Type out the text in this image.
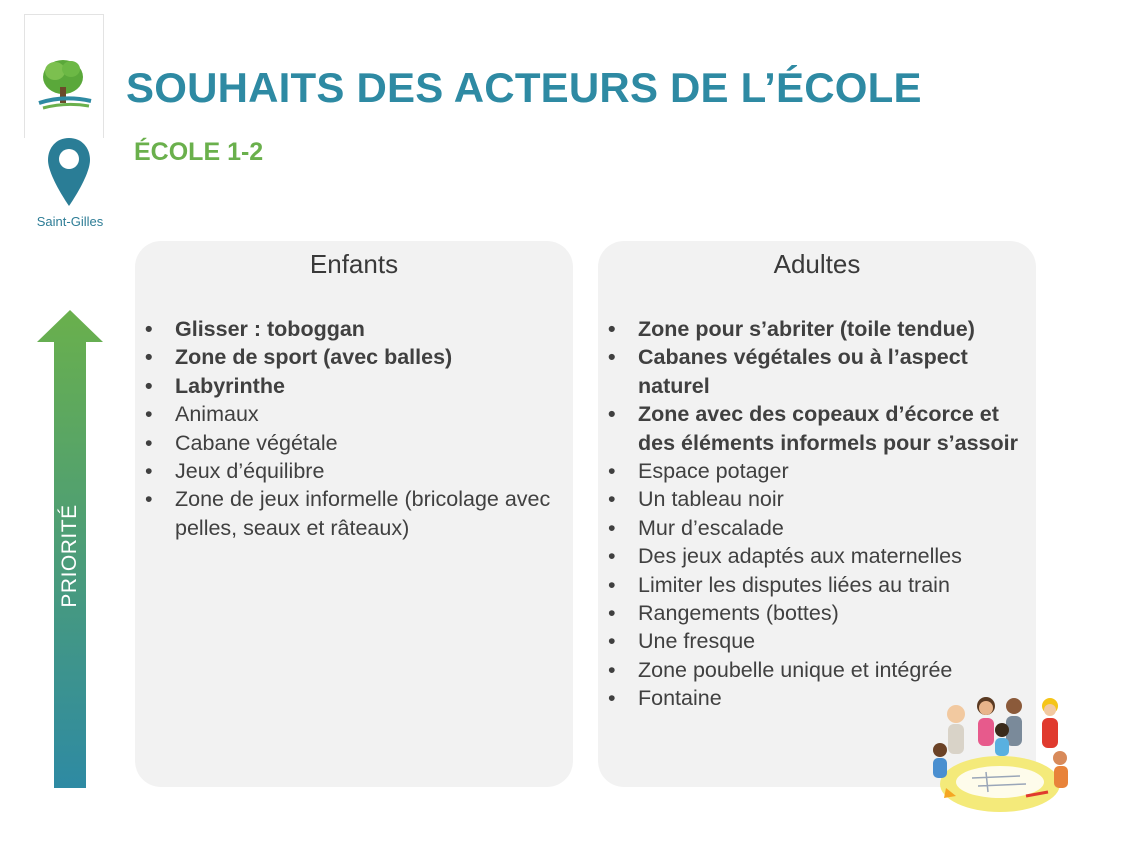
Saint-Gilles
SOUHAITS DES ACTEURS DE L’ÉCOLE
ÉCOLE 1-2
PRIORITÉ
Enfants
• Glisser : toboggan
• Zone de sport (avec balles)
• Labyrinthe
• Animaux
• Cabane végétale
• Jeux d’équilibre
• Zone de jeux informelle (bricolage avec pelles, seaux et râteaux)
Adultes
• Zone pour s’abriter (toile tendue)
• Cabanes végétales ou à l’aspect naturel
• Zone avec des copeaux d’écorce et des éléments informels pour s’assoir
• Espace potager
• Un tableau noir
• Mur d’escalade
• Des jeux adaptés aux maternelles
• Limiter les disputes liées au train
• Rangements (bottes)
• Une fresque
• Zone poubelle unique et intégrée
• Fontaine
